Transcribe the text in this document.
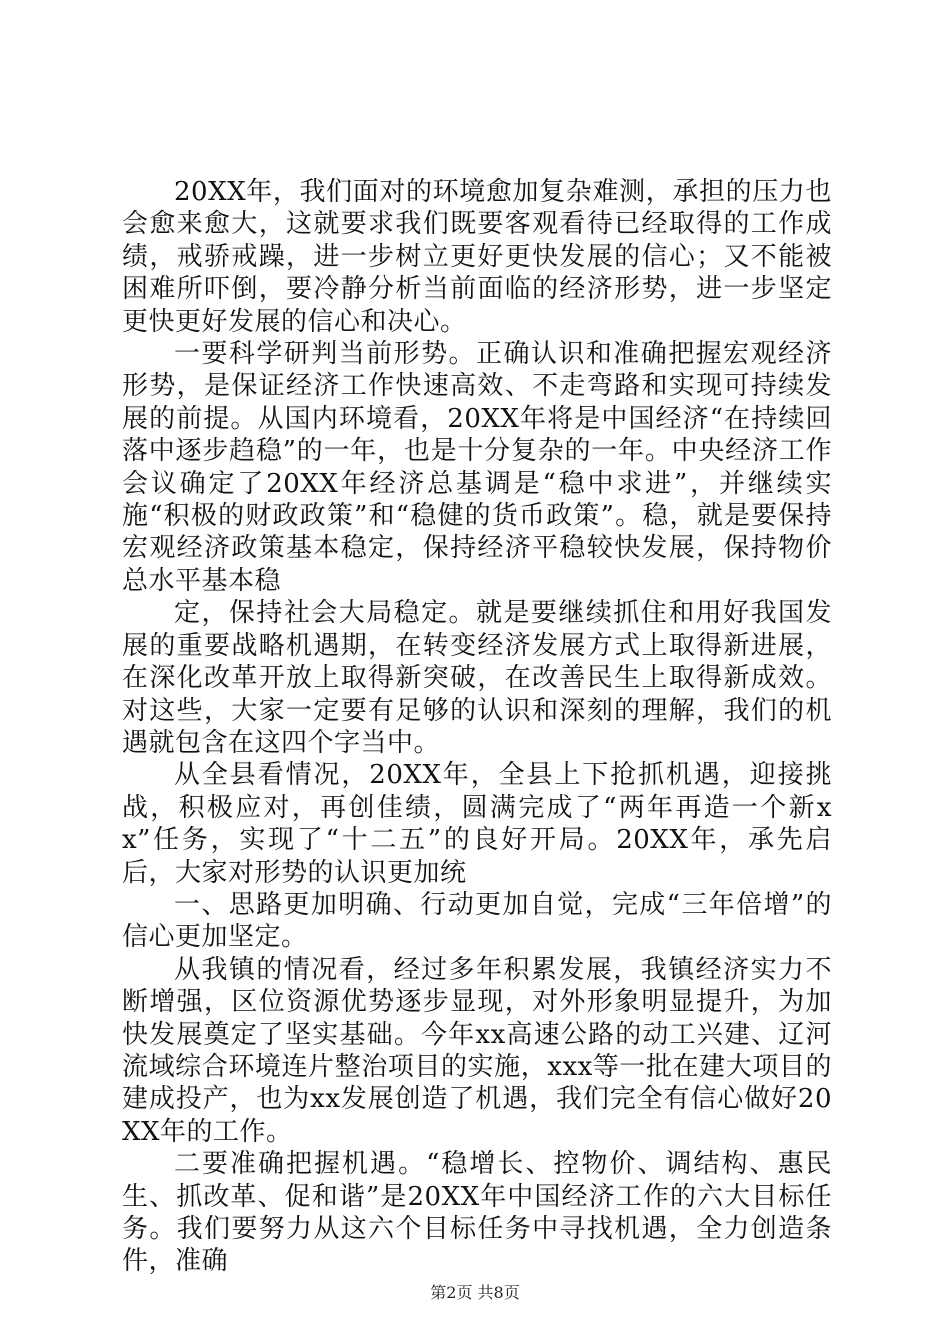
20XX年，我们面对的环境愈加复杂难测，承担的压力也会愈来愈大，这就要求我们既要客观看待已经取得的工作成绩，戒骄戒躁，进一步树立更好更快发展的信心；又不能被困难所吓倒，要冷静分析当前面临的经济形势，进一步坚定更快更好发展的信心和决心。

一要科学研判当前形势。正确认识和准确把握宏观经济形势，是保证经济工作快速高效、不走弯路和实现可持续发展的前提。从国内环境看，20XX年将是中国经济“在持续回落中逐步趋稳”的一年，也是十分复杂的一年。中央经济工作会议确定了20XX年经济总基调是“稳中求进”，并继续实施“积极的财政政策”和“稳健的货币政策”。稳，就是要保持宏观经济政策基本稳定，保持经济平稳较快发展，保持物价总水平基本稳

定，保持社会大局稳定。就是要继续抓住和用好我国发展的重要战略机遇期，在转变经济发展方式上取得新进展，在深化改革开放上取得新突破，在改善民生上取得新成效。对这些，大家一定要有足够的认识和深刻的理解，我们的机遇就包含在这四个字当中。

从全县看情况，20XX年，全县上下抢抓机遇，迎接挑战，积极应对，再创佳绩，圆满完成了“两年再造一个新xx”任务，实现了“十二五”的良好开局。20XX年，承先启后，大家对形势的认识更加统

一、思路更加明确、行动更加自觉，完成“三年倍增”的信心更加坚定。

从我镇的情况看，经过多年积累发展，我镇经济实力不断增强，区位资源优势逐步显现，对外形象明显提升，为加快发展奠定了坚实基础。今年xx高速公路的动工兴建、辽河流域综合环境连片整治项目的实施，xxx等一批在建大项目的建成投产，也为xx发展创造了机遇，我们完全有信心做好20XX年的工作。

二要准确把握机遇。“稳增长、控物价、调结构、惠民生、抓改革、促和谐”是20XX年中国经济工作的六大目标任务。我们要努力从这六个目标任务中寻找机遇，全力创造条件，准确

第2页 共8页
